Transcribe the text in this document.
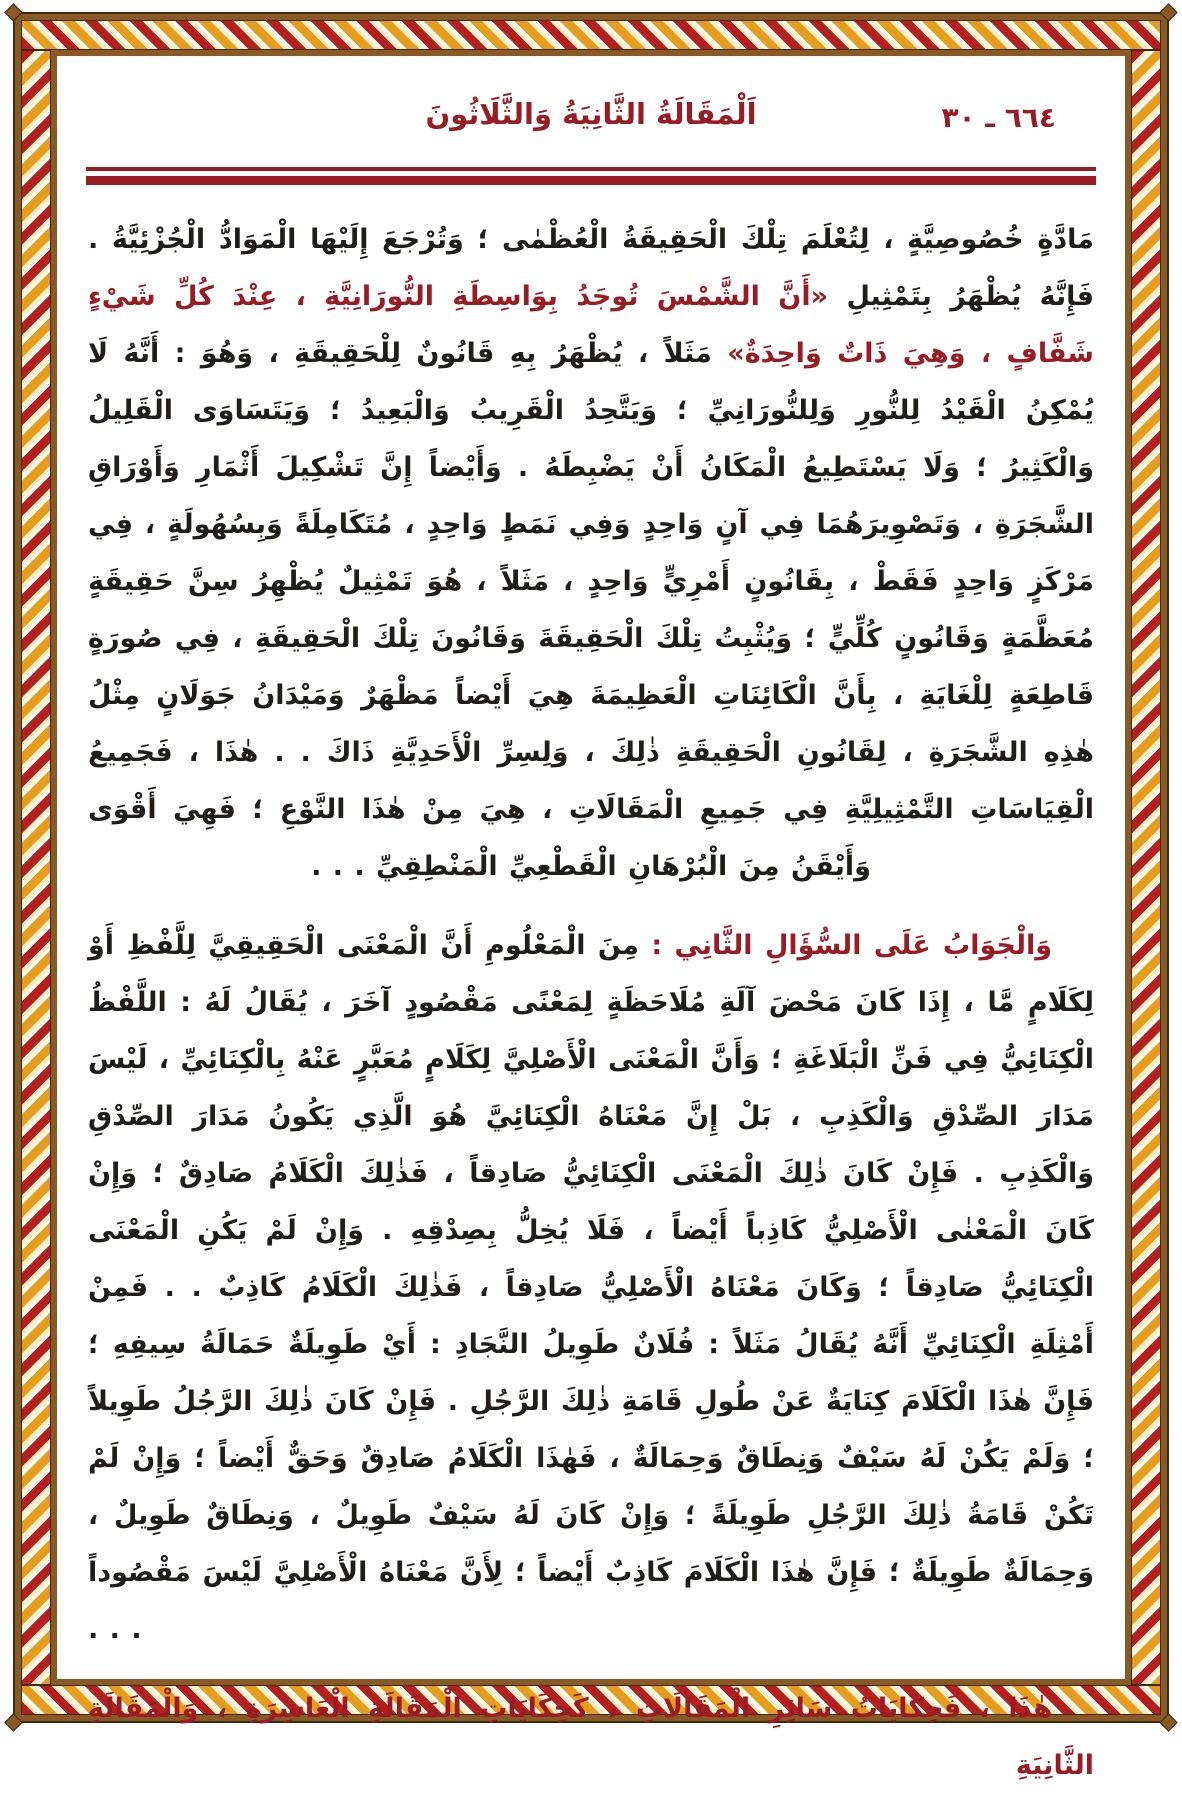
٦٦٤ ـ ٣٠
اَلْمَقَالَةُ الثَّانِيَةُ وَالثَّلَاثُونَ

مَادَّةٍ خُصُوصِيَّةٍ ، لِتُعْلَمَ تِلْكَ الْحَقِيقَةُ الْعُظْمٰى ؛ وَتُرْجَعَ إِلَيْهَا الْمَوَادُّ الْجُزْئِيَّةُ . فَإِنَّهُ يُظْهَرُ بِتَمْثِيلِ «أَنَّ الشَّمْسَ تُوجَدُ بِوَاسِطَةِ النُّورَانِيَّةِ ، عِنْدَ كُلِّ شَيْءٍ شَفَّافٍ ، وَهِيَ ذَاتٌ وَاحِدَةٌ» مَثَلاً ، يُظْهَرُ بِهِ قَانُونٌ لِلْحَقِيقَةِ ، وَهُوَ : أَنَّهُ لَا يُمْكِنُ الْقَيْدُ لِلنُّورِ وَلِلنُّورَانِيِّ ؛ وَيَتَّحِدُ الْقَرِيبُ وَالْبَعِيدُ ؛ وَيَتَسَاوَى الْقَلِيلُ وَالْكَثِيرُ ؛ وَلَا يَسْتَطِيعُ الْمَكَانُ أَنْ يَضْبِطَهُ . وَأَيْضاً إِنَّ تَشْكِيلَ أَثْمَارِ وَأَوْرَاقِ الشَّجَرَةِ ، وَتَصْوِيرَهُمَا فِي آنٍ وَاحِدٍ وَفِي نَمَطٍ وَاحِدٍ ، مُتَكَامِلَةً وَبِسُهُولَةٍ ، فِي مَرْكَزٍ وَاحِدٍ فَقَطْ ، بِقَانُونٍ أَمْرِيٍّ وَاحِدٍ ، مَثَلاً ، هُوَ تَمْثِيلٌ يُظْهِرُ سِنَّ حَقِيقَةٍ مُعَظَّمَةٍ وَقَانُونٍ كُلِّيٍّ ؛ وَيُثْبِتُ تِلْكَ الْحَقِيقَةَ وَقَانُونَ تِلْكَ الْحَقِيقَةِ ، فِي صُورَةٍ قَاطِعَةٍ لِلْغَايَةِ ، بِأَنَّ الْكَائِنَاتِ الْعَظِيمَةَ هِيَ أَيْضاً مَظْهَرٌ وَمَيْدَانُ جَوَلَانٍ مِثْلُ هٰذِهِ الشَّجَرَةِ ، لِقَانُونِ الْحَقِيقَةِ ذٰلِكَ ، وَلِسِرِّ الْأَحَدِيَّةِ ذَاكَ . . هٰذَا ، فَجَمِيعُ الْقِيَاسَاتِ التَّمْثِيلِيَّةِ فِي جَمِيعِ الْمَقَالَاتِ ، هِيَ مِنْ هٰذَا النَّوْعِ ؛ فَهِيَ أَقْوَى وَأَيْقَنُ مِنَ الْبُرْهَانِ الْقَطْعِيِّ الْمَنْطِقِيِّ . . .

وَالْجَوَابُ عَلَى السُّؤَالِ الثَّانِي : مِنَ الْمَعْلُومِ أَنَّ الْمَعْنَى الْحَقِيقِيَّ لِلَّفْظِ أَوْ لِكَلَامٍ مَّا ، إِذَا كَانَ مَحْضَ آلَةِ مُلَاحَظَةٍ لِمَعْنًى مَقْصُودٍ آخَرَ ، يُقَالُ لَهُ : اللَّفْظُ الْكِنَائِيُّ فِي فَنِّ الْبَلَاغَةِ ؛ وَأَنَّ الْمَعْنَى الْأَصْلِيَّ لِكَلَامٍ مُعَبَّرٍ عَنْهُ بِالْكِنَائِيِّ ، لَيْسَ مَدَارَ الصِّدْقِ وَالْكَذِبِ ، بَلْ إِنَّ مَعْنَاهُ الْكِنَائِيَّ هُوَ الَّذِي يَكُونُ مَدَارَ الصِّدْقِ وَالْكَذِبِ . فَإِنْ كَانَ ذٰلِكَ الْمَعْنَى الْكِنَائِيُّ صَادِقاً ، فَذٰلِكَ الْكَلَامُ صَادِقٌ ؛ وَإِنْ كَانَ الْمَعْنٰى الْأَصْلِيُّ كَاذِباً أَيْضاً ، فَلَا يُخِلُّ بِصِدْقِهِ . وَإِنْ لَمْ يَكُنِ الْمَعْنَى الْكِنَائِيُّ صَادِقاً ؛ وَكَانَ مَعْنَاهُ الْأَصْلِيُّ صَادِقاً ، فَذٰلِكَ الْكَلَامُ كَاذِبٌ . . فَمِنْ أَمْثِلَةِ الْكِنَائِيِّ أَنَّهُ يُقَالُ مَثَلاً : فُلَانٌ طَوِيلُ النَّجَادِ : أَيْ طَوِيلَةٌ حَمَالَةُ سِيفِهِ ؛ فَإِنَّ هٰذَا الْكَلَامَ كِنَايَةٌ عَنْ طُولِ قَامَةِ ذٰلِكَ الرَّجُلِ . فَإِنْ كَانَ ذٰلِكَ الرَّجُلُ طَوِيلاً ؛ وَلَمْ يَكُنْ لَهُ سَيْفٌ وَنِطَاقٌ وَحِمَالَةٌ ، فَهٰذَا الْكَلَامُ صَادِقٌ وَحَقٌّ أَيْضاً ؛ وَإِنْ لَمْ تَكُنْ قَامَةُ ذٰلِكَ الرَّجُلِ طَوِيلَةً ؛ وَإِنْ كَانَ لَهُ سَيْفٌ طَوِيلٌ ، وَنِطَاقٌ طَوِيلٌ ، وَحِمَالَةٌ طَوِيلَةٌ ؛ فَإِنَّ هٰذَا الْكَلَامَ كَاذِبٌ أَيْضاً ؛ لِأَنَّ مَعْنَاهُ الْأَصْلِيَّ لَيْسَ مَقْصُوداً . . .

هٰذَا ، فَحِكَايَاتُ سَائِرِ الْمَقَالَاتِ ، كَحِكَايَاتِ الْمَقَالَةِ الْعَاشِرَةِ ، وَالْمَقَالَةِ الثَّانِيَةِ
